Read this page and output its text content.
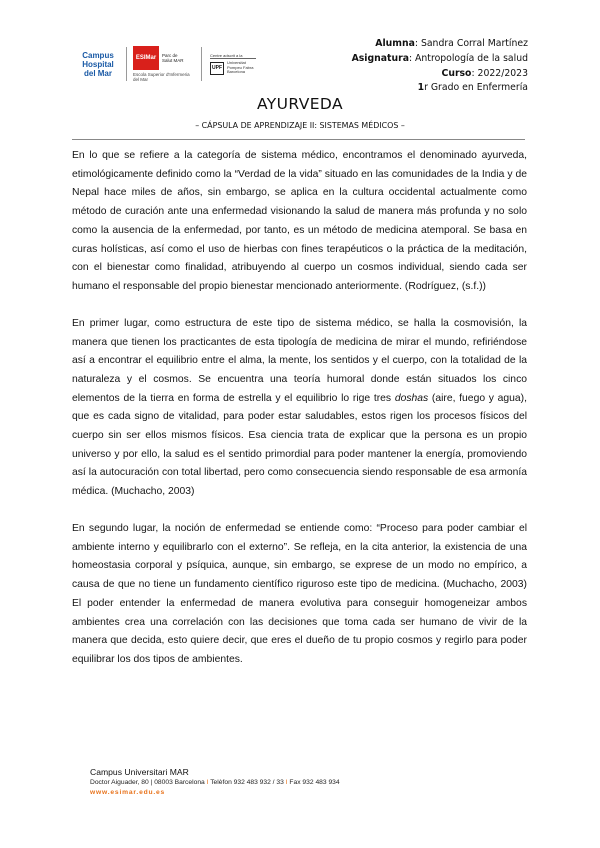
Campus
Hospital
del Mar
ESIMar	Parc de Salut MAR
Escola Superior d'Infermeria del Mar
Centre adscrit a la
UPF
Universitat Pompeu Fabra Barcelona
Alumna: Sandra Corral Martínez
Asignatura: Antropología de la salud
Curso: 2022/2023
1r Grado en Enfermería
AYURVEDA
– CÁPSULA DE APRENDIZAJE II: SISTEMAS MÉDICOS –

En lo que se refiere a la categoría de sistema médico, encontramos el denominado ayurveda, etimológicamente definido como la “Verdad de la vida” situado en las comunidades de la India y de Nepal hace miles de años, sin embargo, se aplica en la cultura occidental actualmente como método de curación ante una enfermedad visionando la salud de manera más profunda y no solo como la ausencia de la enfermedad, por tanto, es un método de medicina atemporal. Se basa en curas holísticas, así como el uso de hierbas con fines terapéuticos o la práctica de la meditación, con el bienestar como finalidad, atribuyendo al cuerpo un cosmos individual, siendo cada ser humano el responsable del propio bienestar mencionado anteriormente. (Rodríguez, (s.f.))

En primer lugar, como estructura de este tipo de sistema médico, se halla la cosmovisión, la manera que tienen los practicantes de esta tipología de medicina de mirar el mundo, refiriéndose así a encontrar el equilibrio entre el alma, la mente, los sentidos y el cuerpo, con la totalidad de la naturaleza y el cosmos. Se encuentra una teoría humoral donde están situados los cinco elementos de la tierra en forma de estrella y el equilibrio lo rige tres doshas (aire, fuego y agua), que es cada signo de vitalidad, para poder estar saludables, estos rigen los procesos físicos del cuerpo sin ser ellos mismos físicos. Esa ciencia trata de explicar que la persona es un propio universo y por ello, la salud es el sentido primordial para poder mantener la energía, promoviendo así la autocuración con total libertad, pero como consecuencia siendo responsable de esa armonía médica. (Muchacho, 2003)

En segundo lugar, la noción de enfermedad se entiende como: “Proceso para poder cambiar el ambiente interno y equilibrarlo con el externo”. Se refleja, en la cita anterior, la existencia de una homeostasia corporal y psíquica, aunque, sin embargo, se exprese de un modo no empírico, a causa de que no tiene un fundamento científico riguroso este tipo de medicina. (Muchacho, 2003) El poder entender la enfermedad de manera evolutiva para conseguir homogeneizar ambos ambientes crea una correlación con las decisiones que toma cada ser humano de vivir de la manera que decida, esto quiere decir, que eres el dueño de tu propio cosmos y regirlo para poder equilibrar los dos tipos de ambientes.

Campus Universitari MAR
Doctor Aiguader, 80 | 08003 Barcelona I Telèfon 932 483 932 / 33 I Fax 932 483 934
www.esimar.edu.es
